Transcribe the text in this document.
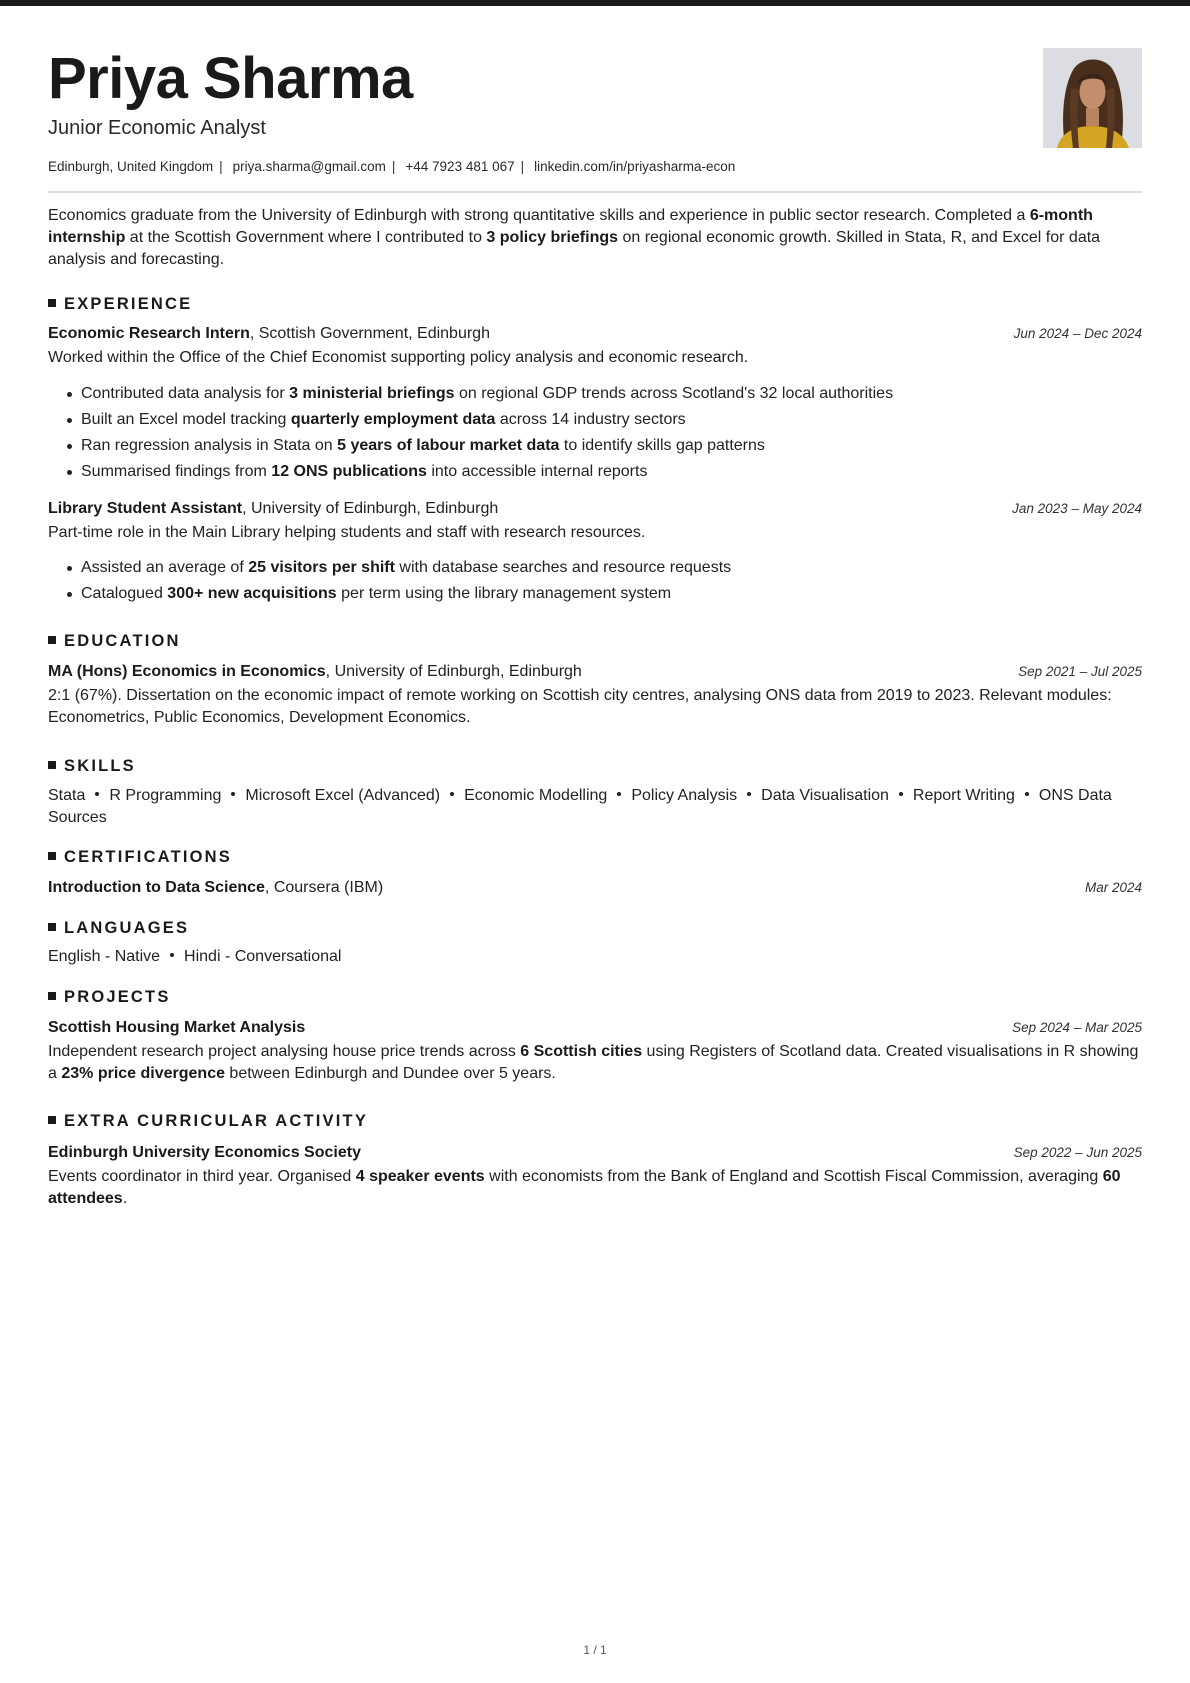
Priya Sharma
Junior Economic Analyst
Edinburgh, United Kingdom | priya.sharma@gmail.com | +44 7923 481 067 | linkedin.com/in/priyasharma-econ
Economics graduate from the University of Edinburgh with strong quantitative skills and experience in public sector research. Completed a 6-month internship at the Scottish Government where I contributed to 3 policy briefings on regional economic growth. Skilled in Stata, R, and Excel for data analysis and forecasting.
EXPERIENCE
Economic Research Intern, Scottish Government, Edinburgh	Jun 2024 – Dec 2024
Worked within the Office of the Chief Economist supporting policy analysis and economic research.
Contributed data analysis for 3 ministerial briefings on regional GDP trends across Scotland's 32 local authorities
Built an Excel model tracking quarterly employment data across 14 industry sectors
Ran regression analysis in Stata on 5 years of labour market data to identify skills gap patterns
Summarised findings from 12 ONS publications into accessible internal reports
Library Student Assistant, University of Edinburgh, Edinburgh	Jan 2023 – May 2024
Part-time role in the Main Library helping students and staff with research resources.
Assisted an average of 25 visitors per shift with database searches and resource requests
Catalogued 300+ new acquisitions per term using the library management system
EDUCATION
MA (Hons) Economics in Economics, University of Edinburgh, Edinburgh	Sep 2021 – Jul 2025
2:1 (67%). Dissertation on the economic impact of remote working on Scottish city centres, analysing ONS data from 2019 to 2023. Relevant modules: Econometrics, Public Economics, Development Economics.
SKILLS
Stata R Programming Microsoft Excel (Advanced) Economic Modelling Policy Analysis Data Visualisation Report Writing ONS Data Sources
CERTIFICATIONS
Introduction to Data Science, Coursera (IBM)	Mar 2024
LANGUAGES
English - Native Hindi - Conversational
PROJECTS
Scottish Housing Market Analysis	Sep 2024 – Mar 2025
Independent research project analysing house price trends across 6 Scottish cities using Registers of Scotland data. Created visualisations in R showing a 23% price divergence between Edinburgh and Dundee over 5 years.
EXTRA CURRICULAR ACTIVITY
Edinburgh University Economics Society	Sep 2022 – Jun 2025
Events coordinator in third year. Organised 4 speaker events with economists from the Bank of England and Scottish Fiscal Commission, averaging 60 attendees.
1 / 1
